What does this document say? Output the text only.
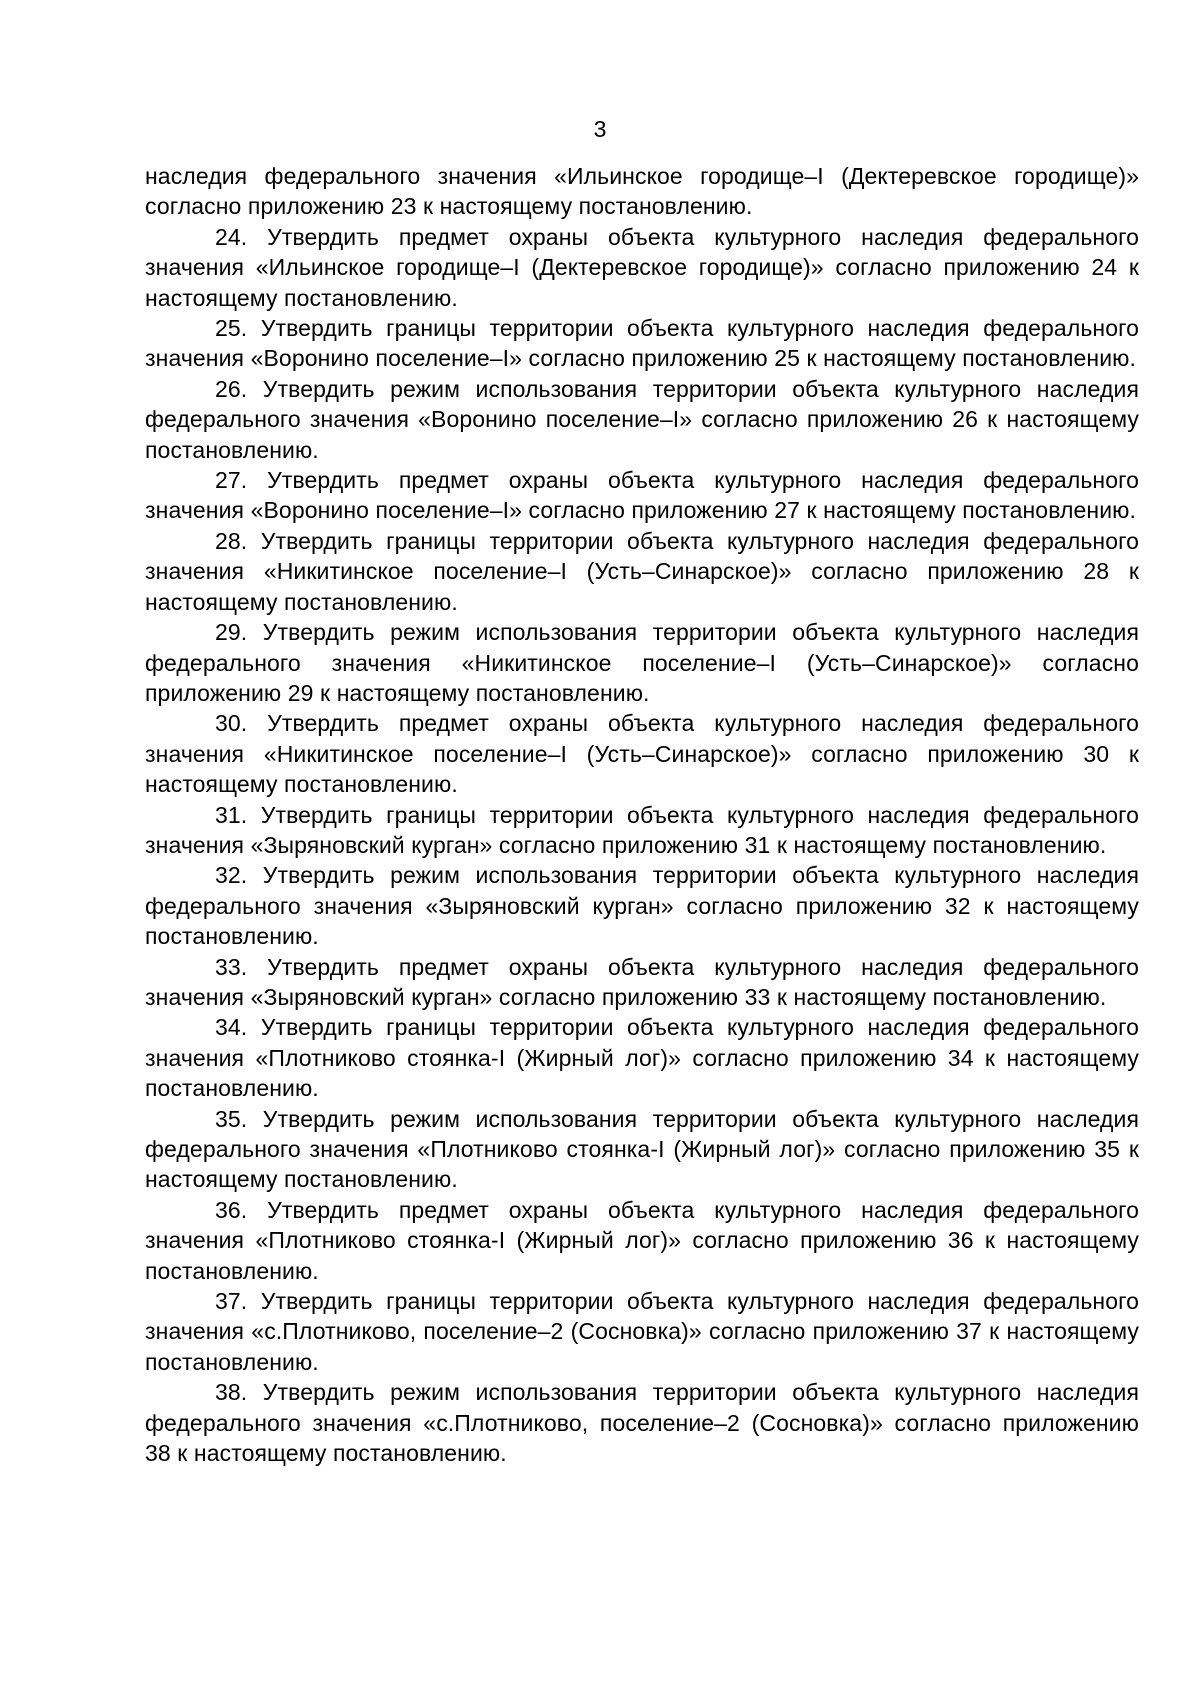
3

наследия федерального значения «Ильинское городище–I (Дектеревское городище)» согласно приложению 23 к настоящему постановлению.

24. Утвердить предмет охраны объекта культурного наследия федерального значения «Ильинское городище–I (Дектеревское городище)» согласно приложению 24 к настоящему постановлению.

25. Утвердить границы территории объекта культурного наследия федерального значения «Воронино поселение–I» согласно приложению 25 к настоящему постановлению.

26. Утвердить режим использования территории объекта культурного наследия федерального значения «Воронино поселение–I» согласно приложению 26 к настоящему постановлению.

27. Утвердить предмет охраны объекта культурного наследия федерального значения «Воронино поселение–I» согласно приложению 27 к настоящему постановлению.

28. Утвердить границы территории объекта культурного наследия федерального значения «Никитинское поселение–I (Усть–Синарское)» согласно приложению 28 к настоящему постановлению.

29. Утвердить режим использования территории объекта культурного наследия федерального значения «Никитинское поселение–I (Усть–Синарское)» согласно приложению 29 к настоящему постановлению.

30. Утвердить предмет охраны объекта культурного наследия федерального значения «Никитинское поселение–I (Усть–Синарское)» согласно приложению 30 к настоящему постановлению.

31. Утвердить границы территории объекта культурного наследия федерального значения «Зыряновский курган» согласно приложению 31 к настоящему постановлению.

32. Утвердить режим использования территории объекта культурного наследия федерального значения «Зыряновский курган» согласно приложению 32 к настоящему постановлению.

33. Утвердить предмет охраны объекта культурного наследия федерального значения «Зыряновский курган» согласно приложению 33 к настоящему постановлению.

34. Утвердить границы территории объекта культурного наследия федерального значения «Плотниково стоянка-I (Жирный лог)» согласно приложению 34 к настоящему постановлению.

35. Утвердить режим использования территории объекта культурного наследия федерального значения «Плотниково стоянка-I (Жирный лог)» согласно приложению 35 к настоящему постановлению.

36. Утвердить предмет охраны объекта культурного наследия федерального значения «Плотниково стоянка-I (Жирный лог)» согласно приложению 36 к настоящему постановлению.

37. Утвердить границы территории объекта культурного наследия федерального значения «с.Плотниково, поселение–2 (Сосновка)» согласно приложению 37 к настоящему постановлению.

38. Утвердить режим использования территории объекта культурного наследия федерального значения «с.Плотниково, поселение–2 (Сосновка)» согласно приложению 38 к настоящему постановлению.
